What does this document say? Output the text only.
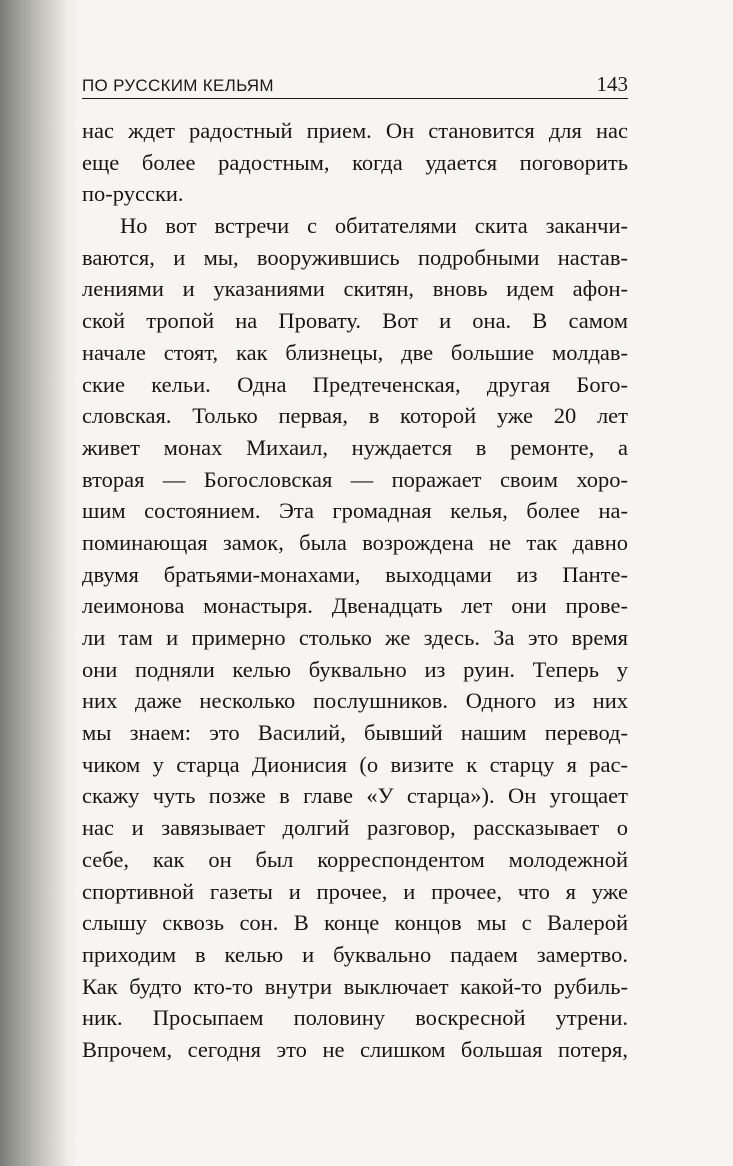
ПО РУССКИМ КЕЛЬЯМ	143
нас ждет радостный прием. Он становится для нас
еще более радостным, когда удается поговорить
по-русски.
Но вот встречи с обитателями скита заканчи-
ваются, и мы, вооружившись подробными настав-
лениями и указаниями скитян, вновь идем афон-
ской тропой на Провату. Вот и она. В самом
начале стоят, как близнецы, две большие молдав-
ские кельи. Одна Предтеченская, другая Бого-
словская. Только первая, в которой уже 20 лет
живет монах Михаил, нуждается в ремонте, а
вторая — Богословская — поражает своим хоро-
шим состоянием. Эта громадная келья, более на-
поминающая замок, была возрождена не так давно
двумя братьями-монахами, выходцами из Панте-
леимонова монастыря. Двенадцать лет они прове-
ли там и примерно столько же здесь. За это время
они подняли келью буквально из руин. Теперь у
них даже несколько послушников. Одного из них
мы знаем: это Василий, бывший нашим перевод-
чиком у старца Дионисия (о визите к старцу я рас-
скажу чуть позже в главе «У старца»). Он угощает
нас и завязывает долгий разговор, рассказывает о
себе, как он был корреспондентом молодежной
спортивной газеты и прочее, и прочее, что я уже
слышу сквозь сон. В конце концов мы с Валерой
приходим в келью и буквально падаем замертво.
Как будто кто-то внутри выключает какой-то рубиль-
ник. Просыпаем половину воскресной утрени.
Впрочем, сегодня это не слишком большая потеря,
